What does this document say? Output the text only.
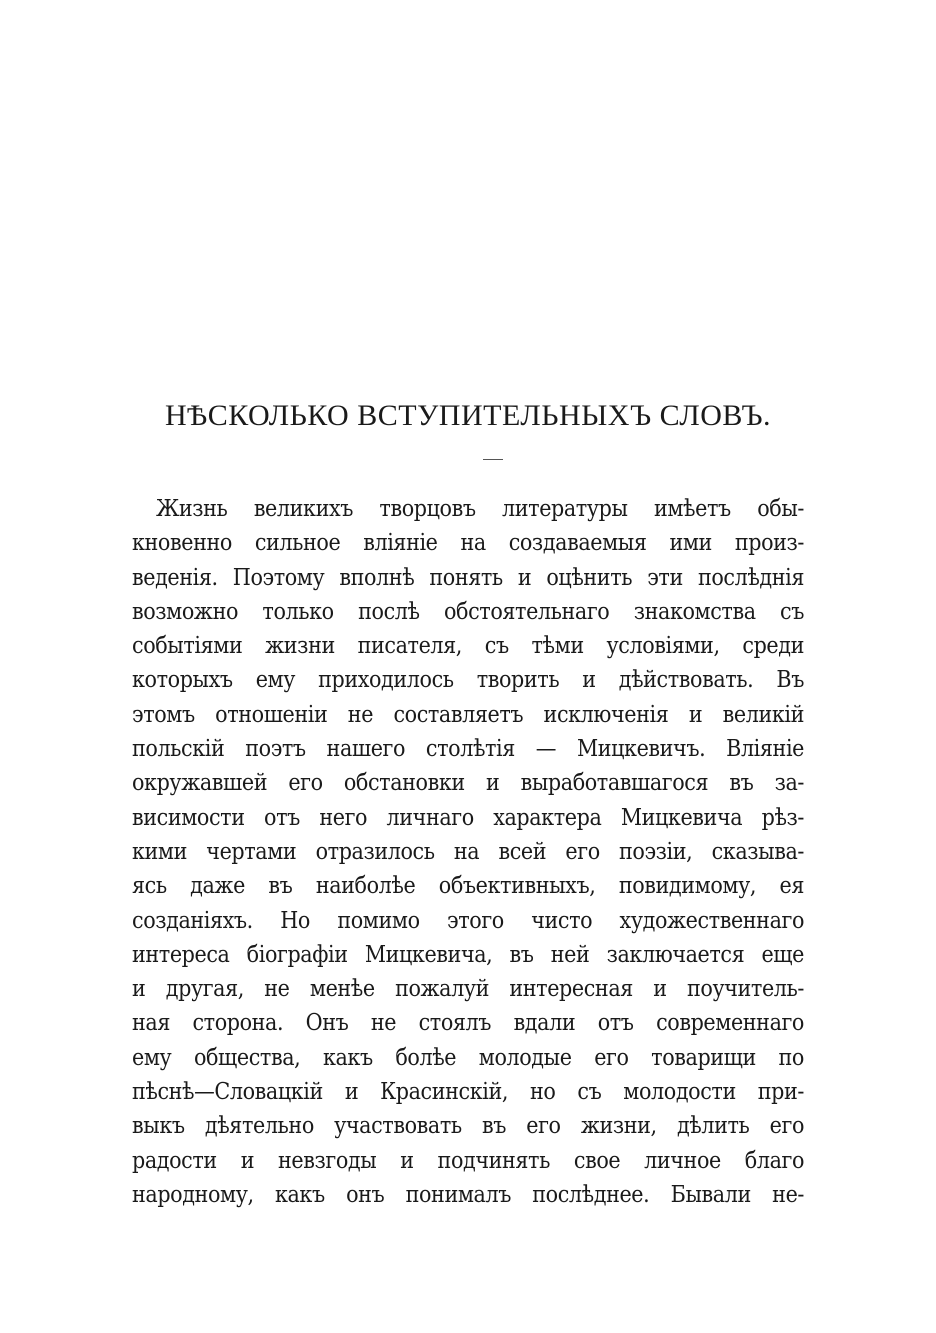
НѢСКОЛЬКО ВСТУПИТЕЛЬНЫХЪ СЛОВЪ.
Жизнь великихъ творцовъ литературы имѣетъ обы-
кновенно сильное вліяніе на создаваемыя ими произ-
веденія. Поэтому вполнѣ понять и оцѣнить эти послѣднія
возможно только послѣ обстоятельнаго знакомства съ
событіями жизни писателя, съ тѣми условіями, среди
которыхъ ему приходилось творить и дѣйствовать. Въ
этомъ отношеніи не составляетъ исключенія и великій
польскій поэтъ нашего столѣтія — Мицкевичъ. Вліяніе
окружавшей его обстановки и выработавшагося въ за-
висимости отъ него личнаго характера Мицкевича рѣз-
кими чертами отразилось на всей его поэзіи, сказыва-
ясь даже въ наиболѣе объективныхъ, повидимому, ея
созданіяхъ. Но помимо этого чисто художественнаго
интереса біографіи Мицкевича, въ ней заключается еще
и другая, не менѣе пожалуй интересная и поучитель-
ная сторона. Онъ не стоялъ вдали отъ современнаго
ему общества, какъ болѣе молодые его товарищи по
пѣснѣ—Словацкій и Красинскій, но съ молодости при-
выкъ дѣятельно участвовать въ его жизни, дѣлить его
радости и невзгоды и подчинять свое личное благо
народному, какъ онъ понималъ послѣднее. Бывали не-
